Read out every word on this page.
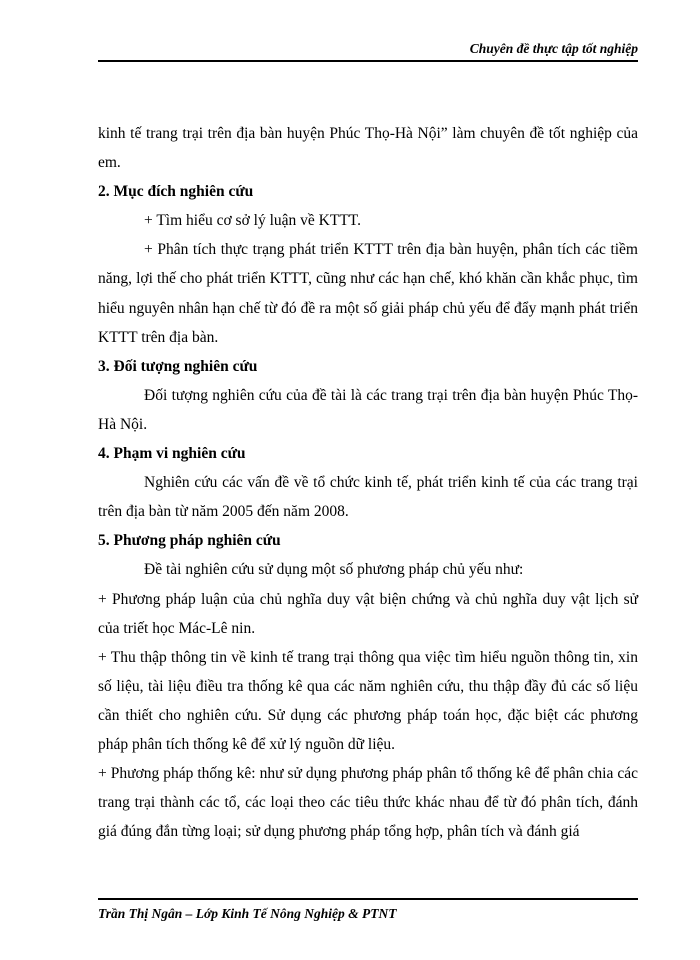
Chuyên đề thực tập tốt nghiệp

kinh tế trang trại trên địa bàn huyện Phúc Thọ-Hà Nội” làm chuyên đề tốt nghiệp của em.

2. Mục đích nghiên cứu

+ Tìm hiểu cơ sở lý luận về KTTT.

+ Phân tích thực trạng phát triển KTTT trên địa bàn huyện, phân tích các tiềm năng, lợi thế cho phát triển KTTT, cũng như các hạn chế, khó khăn cần khắc phục, tìm hiểu nguyên nhân hạn chế từ đó đề ra một số giải pháp chủ yếu để đẩy mạnh phát triển KTTT trên địa bàn.

3. Đối tượng nghiên cứu

Đối tượng nghiên cứu của đề tài là các trang trại trên địa bàn huyện Phúc Thọ-Hà Nội.

4. Phạm vi nghiên cứu

Nghiên cứu các vấn đề về tổ chức kinh tế, phát triển kinh tế của các trang trại trên địa bàn từ năm 2005 đến năm 2008.

5. Phương pháp nghiên cứu

Đề tài nghiên cứu sử dụng một số phương pháp chủ yếu như:

+ Phương pháp luận của chủ nghĩa duy vật biện chứng và chủ nghĩa duy vật lịch sử của triết học Mác-Lê nin.

+ Thu thập thông tin về kinh tế trang trại thông qua việc tìm hiểu nguồn thông tin, xin số liệu, tài liệu điều tra thống kê qua các năm nghiên cứu, thu thập đầy đủ các số liệu cần thiết cho nghiên cứu. Sử dụng các phương pháp toán học, đặc biệt các phương pháp phân tích thống kê để xử lý nguồn dữ liệu.

+ Phương pháp thống kê: như sử dụng phương pháp phân tổ thống kê để phân chia các trang trại thành các tổ, các loại theo các tiêu thức khác nhau để từ đó phân tích, đánh giá đúng đắn từng loại; sử dụng phương pháp tổng hợp, phân tích và đánh giá

Trần Thị Ngân – Lớp Kinh Tế Nông Nghiệp & PTNT
